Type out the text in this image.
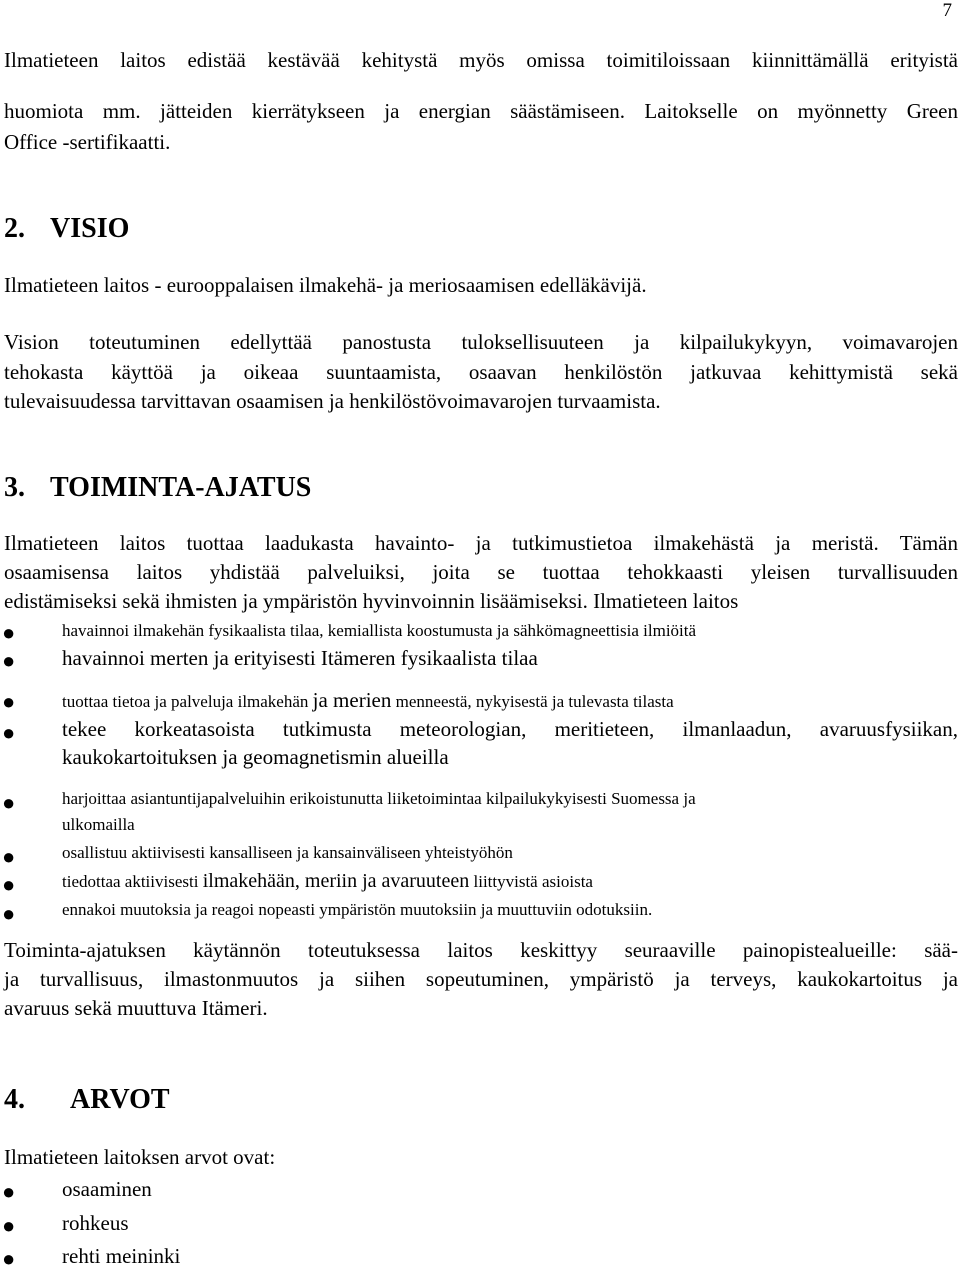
7
Ilmatieteen laitos edistää kestävää kehitystä myös omissa toimitiloissaan kiinnittämällä erityistä
huomiota mm. jätteiden kierrätykseen ja energian säästämiseen. Laitokselle on myönnetty Green
Office -sertifikaatti.
2. VISIO
Ilmatieteen laitos - eurooppalaisen ilmakehä- ja meriosaamisen edelläkävijä.
Vision toteutuminen edellyttää panostusta tuloksellisuuteen ja kilpailukykyyn, voimavarojen
tehokasta käyttöä ja oikeaa suuntaamista, osaavan henkilöstön jatkuvaa kehittymistä sekä
tulevaisuudessa tarvittavan osaamisen ja henkilöstövoimavarojen turvaamista.
3. TOIMINTA-AJATUS
Ilmatieteen laitos tuottaa laadukasta havainto- ja tutkimustietoa ilmakehästä ja meristä. Tämän
osaamisensa laitos yhdistää palveluiksi, joita se tuottaa tehokkaasti yleisen turvallisuuden
edistämiseksi sekä ihmisten ja ympäristön hyvinvoinnin lisäämiseksi. Ilmatieteen laitos
●	havainnoi ilmakehän fysikaalista tilaa, kemiallista koostumusta ja sähkömagneettisia ilmiöitä
● havainnoi merten ja erityisesti Itämeren fysikaalista tilaa
●	tuottaa tietoa ja palveluja ilmakehän ja merien menneestä, nykyisestä ja tulevasta tilasta
● tekee korkeatasoista tutkimusta meteorologian, meritieteen, ilmanlaadun, avaruusfysiikan,
kaukokartoituksen ja geomagnetismin alueilla
●	harjoittaa asiantuntijapalveluihin erikoistunutta liiketoimintaa kilpailukykyisesti Suomessa ja
ulkomailla
●	osallistuu aktiivisesti kansalliseen ja kansainväliseen yhteistyöhön
●	tiedottaa aktiivisesti ilmakehään, meriin ja avaruuteen liittyvistä asioista
●	ennakoi muutoksia ja reagoi nopeasti ympäristön muutoksiin ja muuttuviin odotuksiin.
Toiminta-ajatuksen käytännön toteutuksessa laitos keskittyy seuraaville painopistealueille: sää-
ja turvallisuus, ilmastonmuutos ja siihen sopeutuminen, ympäristö ja terveys, kaukokartoitus ja
avaruus sekä muuttuva Itämeri.
4. ARVOT
Ilmatieteen laitoksen arvot ovat:
● osaaminen
● rohkeus
● rehti meininki
